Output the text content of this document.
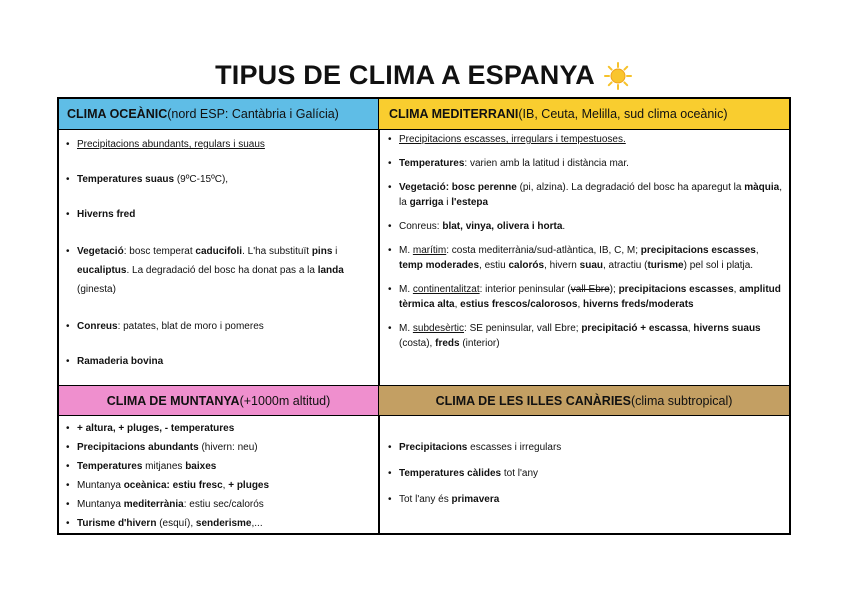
TIPUS DE CLIMA A ESPANYA
CLIMA OCEÀNIC (nord ESP: Cantàbria i Galícia)
• Precipitacions abundants, regulars i suaus
• Temperatures suaus (9ºC-15ºC),
• Hiverns fred
• Vegetació: bosc temperat caducifoli. L'ha substituït pins i eucaliptus. La degradació del bosc ha donat pas a la landa (ginesta)
• Conreus: patates, blat de moro i pomeres
• Ramaderia bovina
CLIMA MEDITERRANI (IB, Ceuta, Melilla, sud clima oceànic)
• Precipitacions escasses, irregulars i tempestuoses.
• Temperatures: varien amb la latitud i distància mar.
• Vegetació: bosc perenne (pi, alzina). La degradació del bosc ha aparegut la màquia, la garriga i l'estepa
• Conreus: blat, vinya, olivera i horta.
• M. marítim: costa mediterrània/sud-atlàntica, IB, C, M; precipitacions escasses, temp moderades, estiu calorós, hivern suau, atractiu (turisme) pel sol i platja.
• M. continentalitzat: interior peninsular (vall Ebre); precipitacions escasses, amplitud tèrmica alta, estius frescos/calorosos, hiverns freds/moderats
• M. subdesèrtic: SE peninsular, vall Ebre; precipitació + escassa, hiverns suaus (costa), freds (interior)
CLIMA DE MUNTANYA (+1000m altitud)
• + altura, + pluges, - temperatures
• Precipitacions abundants (hivern: neu)
• Temperatures mitjanes baixes
• Muntanya oceànica: estiu fresc, + pluges
• Muntanya mediterrània: estiu sec/calorós
• Turisme d'hivern (esquí), senderisme,...
CLIMA DE LES ILLES CANÀRIES (clima subtropical)
• Precipitacions escasses i irregulars
• Temperatures càlides tot l'any
• Tot l'any és primavera
